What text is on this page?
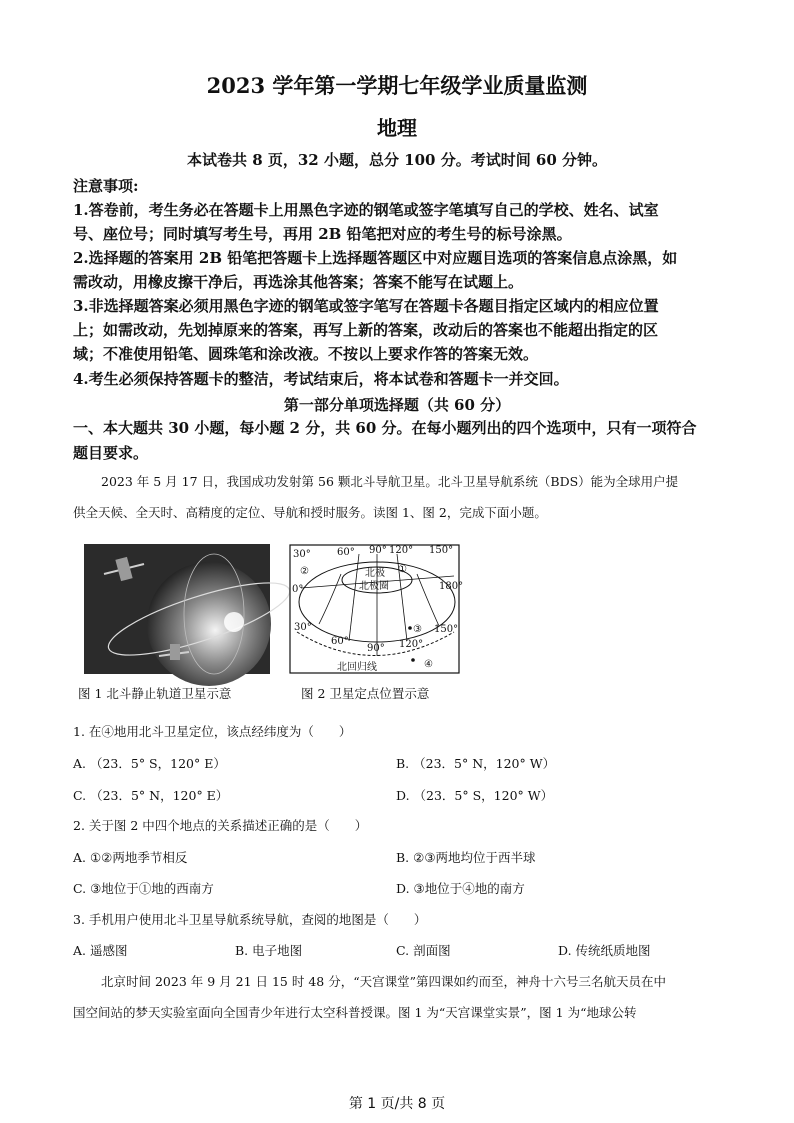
2023 学年第一学期七年级学业质量监测
地理
本试卷共 8 页，32 小题，总分 100 分。考试时间 60 分钟。
注意事项:
1.答卷前，考生务必在答题卡上用黑色字迹的钢笔或签字笔填写自己的学校、姓名、试室
号、座位号；同时填写考生号，再用 2B 铅笔把对应的考生号的标号涂黑。
2.选择题的答案用 2B 铅笔把答题卡上选择题答题区中对应题目选项的答案信息点涂黑，如
需改动，用橡皮擦干净后，再选涂其他答案；答案不能写在试题上。
3.非选择题答案必须用黑色字迹的钢笔或签字笔写在答题卡各题目指定区域内的相应位置
上；如需改动，先划掉原来的答案，再写上新的答案，改动后的答案也不能超出指定的区
域；不准使用铅笔、圆珠笔和涂改液。不按以上要求作答的答案无效。
4.考生必须保持答题卡的整洁，考试结束后，将本试卷和答题卡一并交回。
第一部分单项选择题（共 60 分）
一、本大题共 30 小题，每小题 2 分，共 60 分。在每小题列出的四个选项中，只有一项符合
题目要求。
2023 年 5 月 17 日，我国成功发射第 56 颗北斗导航卫星。北斗卫星导航系统（BDS）能为全球用户提
供全天候、全天时、高精度的定位、导航和授时服务。读图 1、图 2，完成下面小题。
30°	60° 90° 120° 150°
②
0°	180°
①
北极
北极圈
30°
60°
90° 120°
150°
③
④
北回归线
图 1 北斗静止轨道卫星示意	图 2 卫星定点位置示意
1. 在④地用北斗卫星定位，该点经纬度为（　　）
A. （23．5° S，120° E）	B. （23．5° N，120° W）
C. （23．5° N，120° E）	D. （23．5° S，120° W）
2. 关于图 2 中四个地点的关系描述正确的是（　　）
A. ①②两地季节相反	B. ②③两地均位于西半球
C. ③地位于①地的西南方	D. ③地位于④地的南方
3. 手机用户使用北斗卫星导航系统导航，查阅的地图是（　　）
A. 遥感图	B. 电子地图	C. 剖面图	D. 传统纸质地图
北京时间 2023 年 9 月 21 日 15 时 48 分，“天宫课堂”第四课如约而至，神舟十六号三名航天员在中
国空间站的梦天实验室面向全国青少年进行太空科普授课。图 1 为“天宫课堂实景”，图 1 为“地球公转
第 1 页/共 8 页
